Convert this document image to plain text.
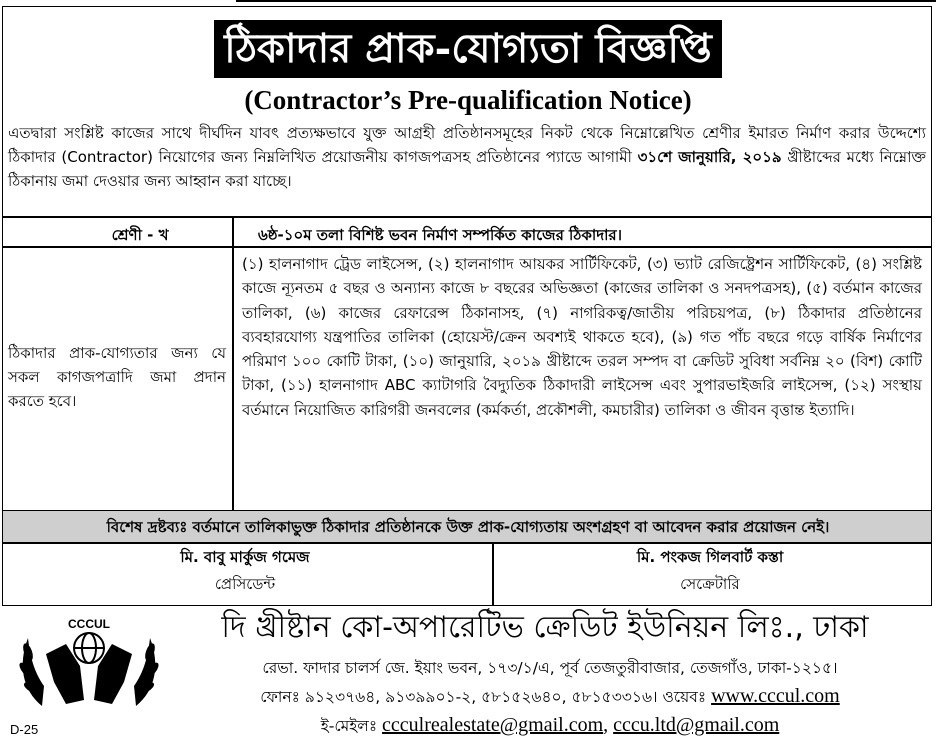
ঠিকাদার প্রাক-যোগ্যতা বিজ্ঞপ্তি
(Contractor’s Pre-qualification Notice)
এতদ্বারা সংশ্লিষ্ট কাজের সাথে দীর্ঘদিন যাবৎ প্রত্যক্ষভাবে যুক্ত আগ্রহী প্রতিষ্ঠানসমূহের নিকট থেকে নিম্নোল্লেখিত শ্রেণীর ইমারত নির্মাণ করার উদ্দেশ্যে ঠিকাদার (Contractor) নিয়োগের জন্য নিম্নলিখিত প্রয়োজনীয় কাগজপত্রসহ প্রতিষ্ঠানের প্যাডে আগামী ৩১শে জানুয়ারি, ২০১৯ খ্রীষ্টাব্দের মধ্যে নিম্নোক্ত ঠিকানায় জমা দেওয়ার জন্য আহ্বান করা যাচ্ছে।
শ্রেণী - খ	৬ষ্ঠ-১০ম তলা বিশিষ্ট ভবন নির্মাণ সম্পর্কিত কাজের ঠিকাদার।
ঠিকাদার প্রাক-যোগ্যতার জন্য যে সকল কাগজপত্রাদি জমা প্রদান করতে হবে।
(১) হালনাগাদ ট্রেড লাইসেন্স, (২) হালনাগাদ আয়কর সার্টিফিকেট, (৩) ভ্যাট রেজিষ্ট্রেশন সার্টিফিকেট, (৪) সংশ্লিষ্ট কাজে ন্যূনতম ৫ বছর ও অন্যান্য কাজে ৮ বছরের অভিজ্ঞতা (কাজের তালিকা ও সনদপত্রসহ), (৫) বর্তমান কাজের তালিকা, (৬) কাজের রেফারেন্স ঠিকানাসহ, (৭) নাগরিকত্ব/জাতীয় পরিচয়পত্র, (৮) ঠিকাদার প্রতিষ্ঠানের ব্যবহারযোগ্য যন্ত্রপাতির তালিকা (হোয়েস্ট/ক্রেন অবশ্যই থাকতে হবে), (৯) গত পাঁচ বছরে গড়ে বার্ষিক নির্মাণের পরিমাণ ১০০ কোটি টাকা, (১০) জানুয়ারি, ২০১৯ খ্রীষ্টাব্দে তরল সম্পদ বা ক্রেডিট সুবিধা সর্বনিম্ন ২০ (বিশ) কোটি টাকা, (১১) হালনাগাদ ABC ক্যাটাগরি বৈদ্যুতিক ঠিকাদারী লাইসেন্স এবং সুপারভাইজরি লাইসেন্স, (১২) সংস্থায় বর্তমানে নিয়োজিত কারিগরী জনবলের (কর্মকর্তা, প্রকৌশলী, কমচারীর) তালিকা ও জীবন বৃত্তান্ত ইত্যাদি।
বিশেষ দ্রষ্টব্যঃ বর্তমানে তালিকাভুক্ত ঠিকাদার প্রতিষ্ঠানকে উক্ত প্রাক-যোগ্যতায় অংশগ্রহণ বা আবেদন করার প্রয়োজন নেই।
মি. বাবু মার্কুজ গমেজ
প্রেসিডেন্ট
মি. পংকজ গিলবার্ট কস্তা
সেক্রেটারি
CCCUL	দি খ্রীষ্টান কো-অপারেটিভ ক্রেডিট ইউনিয়ন লিঃ., ঢাকা
রেভা. ফাদার চালর্স জে. ইয়াং ভবন, ১৭৩/১/এ, পূর্ব তেজতুরীবাজার, তেজগাঁও, ঢাকা-১২১৫।
ফোনঃ ৯১২৩৭৬৪, ৯১৩৯৯০১-২, ৫৮১৫২৬৪০, ৫৮১৫৩৩১৬। ওয়েবঃ www.cccul.com
ই-মেইলঃ ccculrealestate@gmail.com, cccu.ltd@gmail.com
D-25
